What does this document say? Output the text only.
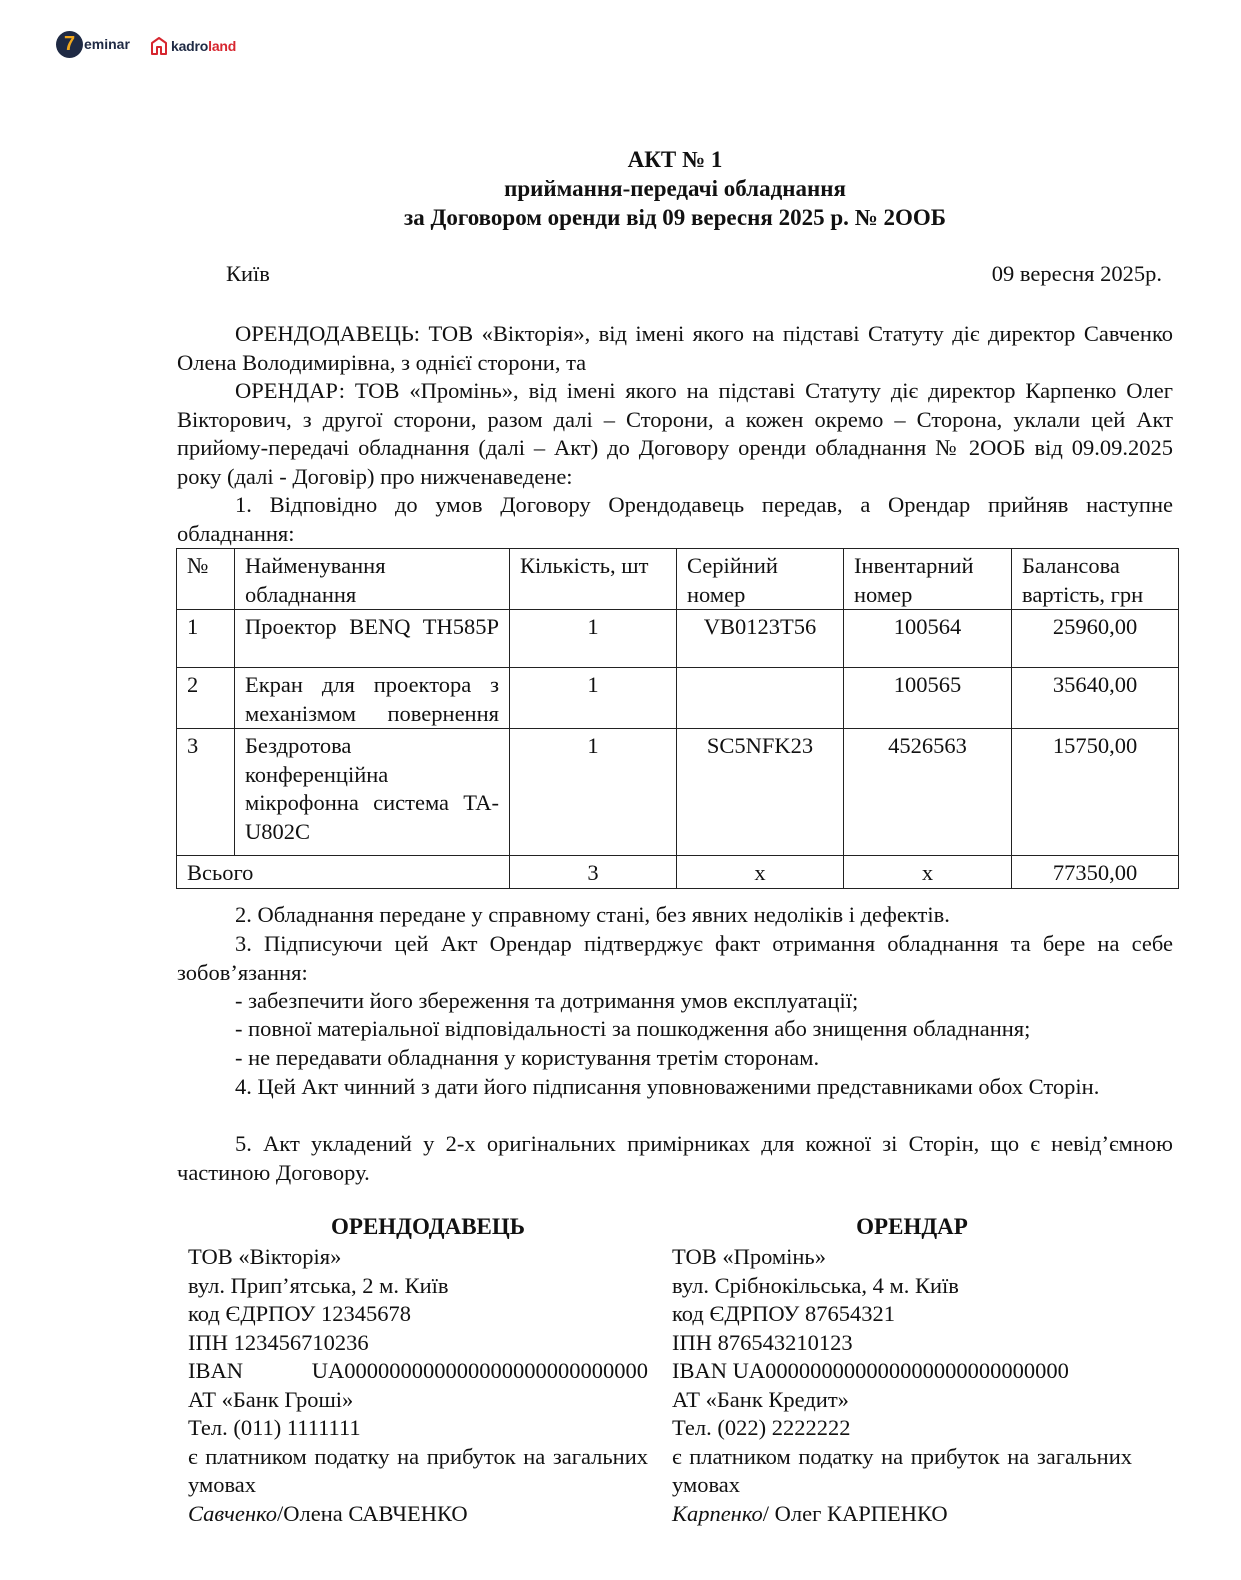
7 eminar	kadroland
АКТ № 1
приймання-передачі обладнання
за Договором оренди від 09 вересня 2025 р. № 2ООБ
Київ	09 вересня 2025р.
ОРЕНДОДАВЕЦЬ: ТОВ «Вікторія», від імені якого на підставі Статуту діє директор Савченко Олена Володимирівна, з однієї сторони, та
ОРЕНДАР: ТОВ «Промінь», від імені якого на підставі Статуту діє директор Карпенко Олег Вікторович, з другої сторони, разом далі – Сторони, а кожен окремо – Сторона, уклали цей Акт прийому-передачі обладнання (далі – Акт) до Договору оренди обладнання № 2ООБ від 09.09.2025 року (далі - Договір) про нижченаведене:
1. Відповідно до умов Договору Орендодавець передав, а Орендар прийняв наступне обладнання:
№	Найменування обладнання	Кількість, шт	Серійний номер	Інвентарний номер	Балансова вартість, грн
1	Проектор BENQ TH585P	1	VB0123T56	100564	25960,00
2	Екран для проектора з механізмом повернення	1		100565	35640,00
3	Бездротова конференційна мікрофонна система TA-U802C	1	SC5NFK23	4526563	15750,00
Всього		3	х	х	77350,00
2. Обладнання передане у справному стані, без явних недоліків і дефектів.
3. Підписуючи цей Акт Орендар підтверджує факт отримання обладнання та бере на себе зобов’язання:
- забезпечити його збереження та дотримання умов експлуатації;
- повної матеріальної відповідальності за пошкодження або знищення обладнання;
- не передавати обладнання у користування третім сторонам.
4. Цей Акт чинний з дати його підписання уповноваженими представниками обох Сторін.
5. Акт укладений у 2-х оригінальних примірниках для кожної зі Сторін, що є невід’ємною частиною Договору.
ОРЕНДОДАВЕЦЬ	ОРЕНДАР
ТОВ «Вікторія»
вул. Прип’ятська, 2 м. Київ
код ЄДРПОУ 12345678
ІПН 123456710236
IBAN	UA000000000000000000000000000
АТ «Банк Гроші»
Тел. (011) 1111111
є платником податку на прибуток на загальних умовах
Савченко/Олена САВЧЕНКО
ТОВ «Промінь»
вул. Срібнокільська, 4 м. Київ
код ЄДРПОУ 87654321
ІПН 876543210123
IBAN UA000000000000000000000000000
АТ «Банк Кредит»
Тел. (022) 2222222
є платником податку на прибуток на загальних умовах
Карпенко/ Олег КАРПЕНКО
